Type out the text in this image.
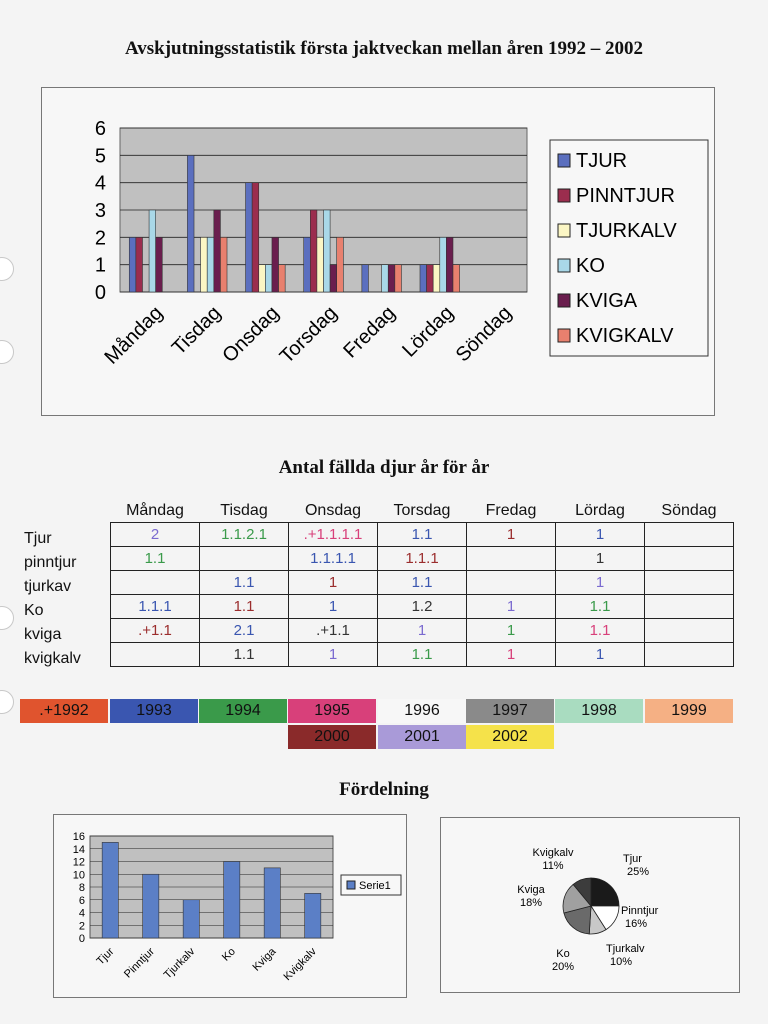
Avskjutningsstatistik första jaktveckan mellan åren 1992 – 2002
0
1
2
3
4
5
6
Måndag Tisdag
Onsdag
Torsdag
Fredag
Lördag
Söndag
TJUR
PINNTJUR
TJURKALV
KO
KVIGA
KVIGKALV
Antal fällda djur år för år
Måndag	Tisdag	Onsdag	Torsdag	Fredag	Lördag	Söndag
Tjur
pinntjur
tjurkav
Ko
kviga
kvigkalv
2	1.1.2.1	.+1.1.1.1	1.1	1	1	
1.1		1.1.1.1	1.1.1		1	
	1.1	1	1.1		1	
1.1.1	1.1	1	1.2	1	1.1	
.+1.1	2.1	.+1.1	1	1	1.1	
	1.1	1	1.1	1	1	
.+1992	1993	1994	1995	1996	1997	1998	1999
2000	2001	2002
Fördelning
0
2
4
6
8
10
12
14
16
Tjur Pinntjur Tjurkalv Ko Kviga Kvigkalv
Serie1
Tjur
25%
Pinntjur
16%
Tjurkalv
10%
Ko
20%
Kviga
18%
Kvigkalv
11%
